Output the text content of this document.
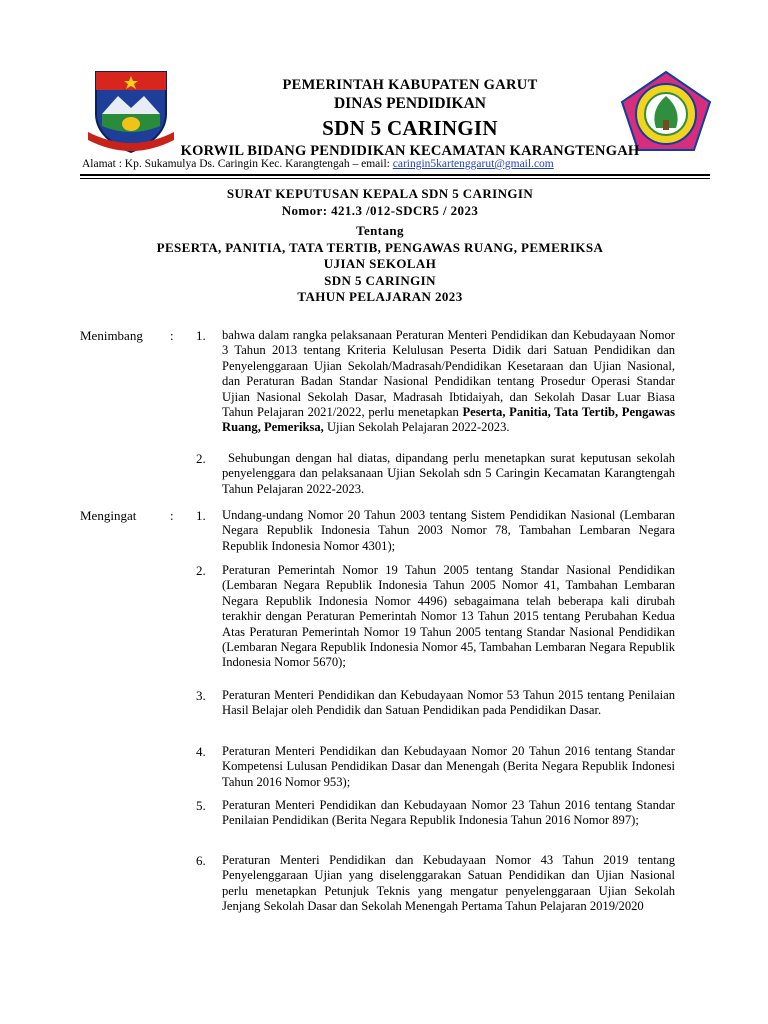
PEMERINTAH KABUPATEN GARUT
DINAS PENDIDIKAN
SDN 5 CARINGIN
KORWIL BIDANG PENDIDIKAN KECAMATAN KARANGTENGAH
Alamat : Kp. Sukamulya Ds. Caringin Kec. Karangtengah – email: caringin5kartenggarut@gmail.com
SURAT KEPUTUSAN KEPALA SDN 5 CARINGIN
Nomor: 421.3 /012-SDCR5 / 2023
Tentang
PESERTA, PANITIA, TATA TERTIB, PENGAWAS RUANG, PEMERIKSA
UJIAN SEKOLAH
SDN 5 CARINGIN
TAHUN PELAJARAN 2023
Menimbang : 1. bahwa dalam rangka pelaksanaan Peraturan Menteri Pendidikan dan Kebudayaan Nomor 3 Tahun 2013 tentang Kriteria Kelulusan Peserta Didik dari Satuan Pendidikan dan Penyelenggaraan Ujian Sekolah/Madrasah/Pendidikan Kesetaraan dan Ujian Nasional, dan Peraturan Badan Standar Nasional Pendidikan tentang Prosedur Operasi Standar Ujian Nasional Sekolah Dasar, Madrasah Ibtidaiyah, dan Sekolah Dasar Luar Biasa Tahun Pelajaran 2021/2022, perlu menetapkan Peserta, Panitia, Tata Tertib, Pengawas Ruang, Pemeriksa, Ujian Sekolah Pelajaran 2022-2023.
2.	Sehubungan dengan hal diatas, dipandang perlu menetapkan surat keputusan sekolah penyelenggara dan pelaksanaan Ujian Sekolah sdn 5 Caringin Kecamatan Karangtengah Tahun Pelajaran 2022-2023.
Mengingat	: 1. Undang-undang Nomor 20 Tahun 2003 tentang Sistem Pendidikan Nasional (Lembaran Negara Republik Indonesia Tahun 2003 Nomor 78, Tambahan Lembaran Negara Republik Indonesia Nomor 4301);
2. Peraturan Pemerintah Nomor 19 Tahun 2005 tentang Standar Nasional Pendidikan (Lembaran Negara Republik Indonesia Tahun 2005 Nomor 41, Tambahan Lembaran Negara Republik Indonesia Nomor 4496) sebagaimana telah beberapa kali dirubah terakhir dengan Peraturan Pemerintah Nomor 13 Tahun 2015 tentang Perubahan Kedua Atas Peraturan Pemerintah Nomor 19 Tahun 2005 tentang Standar Nasional Pendidikan (Lembaran Negara Republik Indonesia Nomor 45, Tambahan Lembaran Negara Republik Indonesia Nomor 5670);
3. Peraturan Menteri Pendidikan dan Kebudayaan Nomor 53 Tahun 2015 tentang Penilaian Hasil Belajar oleh Pendidik dan Satuan Pendidikan pada Pendidikan Dasar.
4. Peraturan Menteri Pendidikan dan Kebudayaan Nomor 20 Tahun 2016 tentang Standar Kompetensi Lulusan Pendidikan Dasar dan Menengah (Berita Negara Republik Indonesi Tahun 2016 Nomor 953);
5. Peraturan Menteri Pendidikan dan Kebudayaan Nomor 23 Tahun 2016 tentang Standar Penilaian Pendidikan (Berita Negara Republik Indonesia Tahun 2016 Nomor 897);
6. Peraturan Menteri Pendidikan dan Kebudayaan Nomor 43 Tahun 2019 tentang Penyelenggaraan Ujian yang diselenggarakan Satuan Pendidikan dan Ujian Nasional perlu menetapkan Petunjuk Teknis yang mengatur penyelenggaraan Ujian Sekolah Jenjang Sekolah Dasar dan Sekolah Menengah Pertama Tahun Pelajaran 2019/2020
